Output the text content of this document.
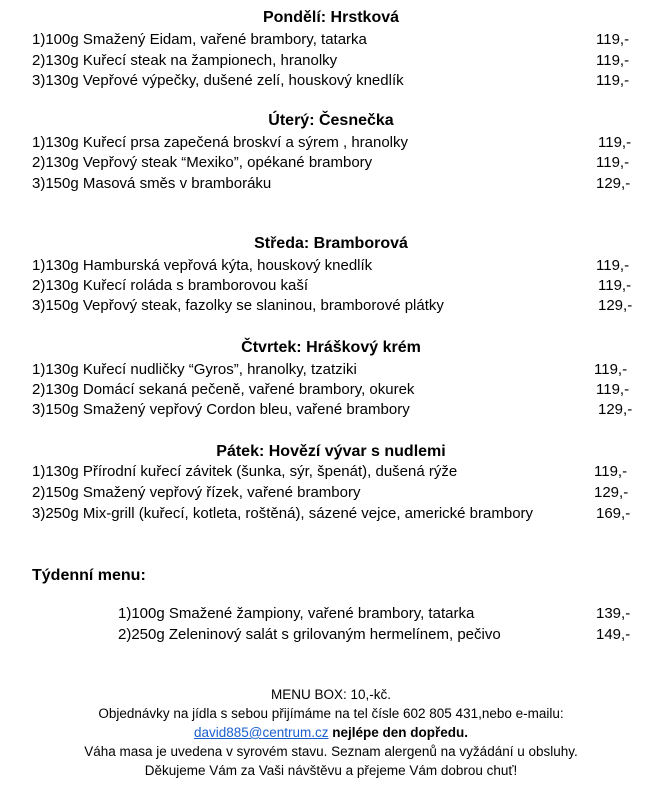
Pondělí: Hrstková
1)100g Smažený Eidam, vařené brambory, tatarka	119,-
2)130g Kuřecí steak na žampionech, hranolky	119,-
3)130g Vepřové výpečky, dušené zelí, houskový knedlík	119,-
Úterý: Česnečka
1)130g Kuřecí prsa zapečená broskví a sýrem , hranolky	119,-
2)130g Vepřový steak “Mexiko”, opékané brambory	119,-
3)150g Masová směs v bramboráku	129,-
Středa: Bramborová
1)130g Hamburská vepřová kýta, houskový knedlík	119,-
2)130g Kuřecí roláda s bramborovou kaší	119,-
3)150g Vepřový steak, fazolky se slaninou, bramborové plátky	129,-
Čtvrtek: Hráškový krém
1)130g Kuřecí nudličky “Gyros”, hranolky, tzatziki	119,-
2)130g Domácí sekaná pečeně, vařené brambory, okurek	119,-
3)150g Smažený vepřový Cordon bleu, vařené brambory	129,-
Pátek: Hovězí vývar s nudlemi
1)130g Přírodní kuřecí závitek (šunka, sýr, špenát), dušená rýže	119,-
2)150g Smažený vepřový řízek, vařené brambory	129,-
3)250g Mix-grill (kuřecí, kotleta, roštěná), sázené vejce, americké brambory	169,-
Týdenní menu:
1)100g Smažené žampiony, vařené brambory, tatarka	139,-
2)250g Zeleninový salát s grilovaným hermelínem, pečivo	149,-
MENU BOX: 10,-kč.
Objednávky na jídla s sebou přijímáme na tel čísle 602 805 431,nebo e-mailu:
david885@centrum.cz nejlépe den dopředu.
Váha masa je uvedena v syrovém stavu. Seznam alergenů na vyžádání u obsluhy.
Děkujeme Vám za Vaši návštěvu a přejeme Vám dobrou chuť!
